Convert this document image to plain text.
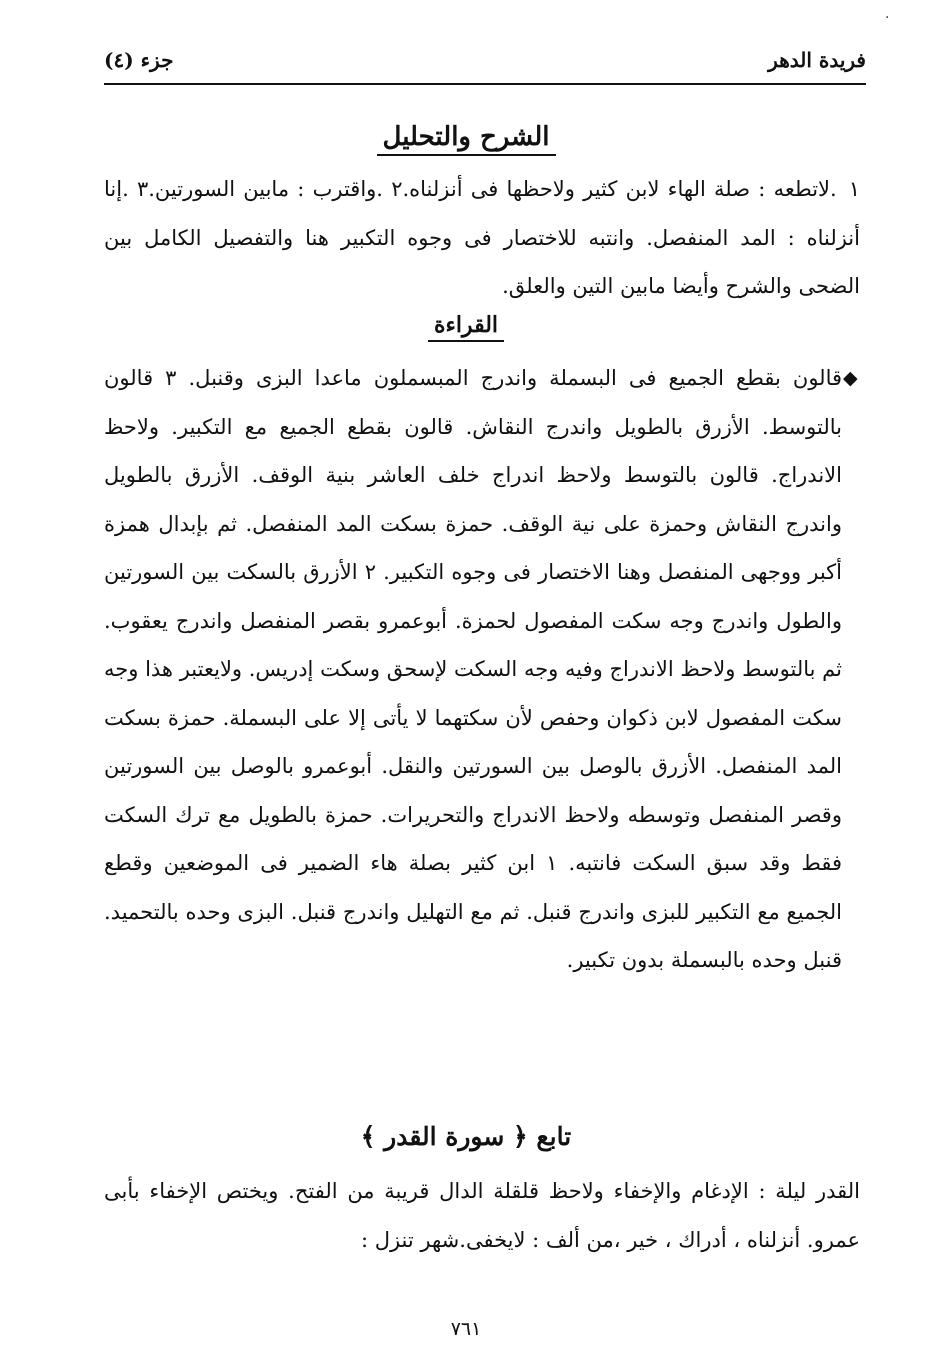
·
فريدة الدهر
جزء (٤)
الشرح والتحليل
١.لاتطعه : صلة الهاء لابن كثير ولاحظها فى أنزلناه.٢ .واقترب : مابين السورتين.٣ .إنا أنزلناه : المد المنفصل. وانتبه للاختصار فى وجوه التكبير هنا والتفصيل الكامل بين الضحى والشرح وأيضا مابين التين والعلق.
القراءة
◆
قالون بقطع الجميع فى البسملة واندرج المبسملون ماعدا البزى وقنبل. ٣ قالون بالتوسط. الأزرق بالطويل واندرج النقاش. قالون بقطع الجميع مع التكبير. ولاحظ الاندراج. قالون بالتوسط ولاحظ اندراج خلف العاشر بنية الوقف. الأزرق بالطويل واندرج النقاش وحمزة على نية الوقف. حمزة بسكت المد المنفصل. ثم بإبدال همزة أكبر ووجهى المنفصل وهنا الاختصار فى وجوه التكبير. ٢ الأزرق بالسكت بين السورتين والطول واندرج وجه سكت المفصول لحمزة. أبوعمرو بقصر المنفصل واندرج يعقوب. ثم بالتوسط ولاحظ الاندراج وفيه وجه السكت لإسحق وسكت إدريس. ولايعتبر هذا وجه سكت المفصول لابن ذكوان وحفص لأن سكتهما لا يأتى إلا على البسملة. حمزة بسكت المد المنفصل. الأزرق بالوصل بين السورتين والنقل. أبوعمرو بالوصل بين السورتين وقصر المنفصل وتوسطه ولاحظ الاندراج والتحريرات. حمزة بالطويل مع ترك السكت فقط وقد سبق السكت فانتبه. ١ ابن كثير بصلة هاء الضمير فى الموضعين وقطع الجميع مع التكبير للبزى واندرج قنبل. ثم مع التهليل واندرج قنبل. البزى وحده بالتحميد. قنبل وحده بالبسملة بدون تكبير.
تابع ﴿ سورة القدر ﴾
القدر ليلة : الإدغام والإخفاء ولاحظ قلقلة الدال قريبة من الفتح. ويختص الإخفاء بأبى عمرو. أنزلناه ، أدراك ، خير ،من ألف : لايخفى.شهر تنزل :
٧٦١
